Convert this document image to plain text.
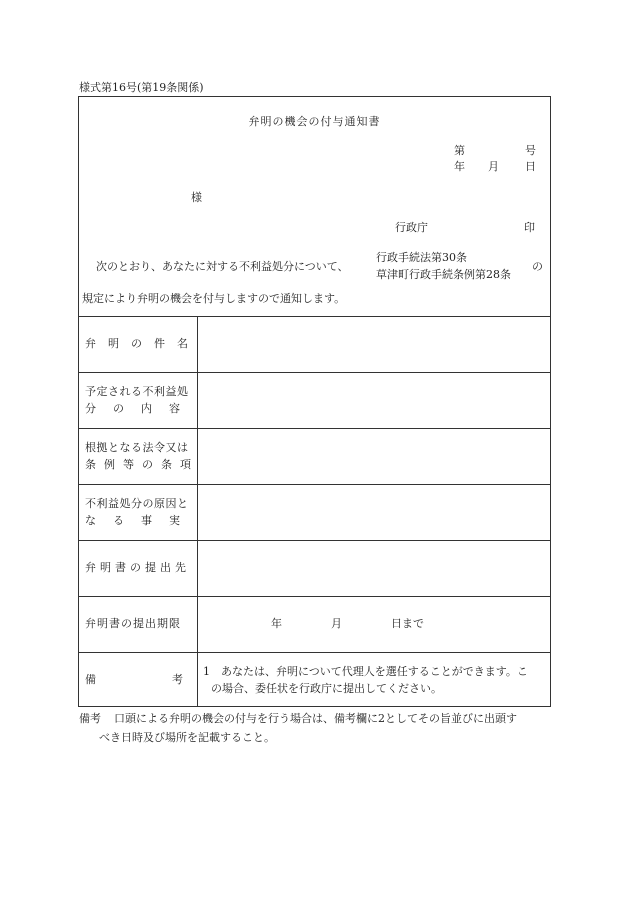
様式第16号(第19条関係)
弁明の機会の付与通知書
第	号
年 月 日
様
行政庁	印
次のとおり、あなたに対する不利益処分について、
行政手続法第30条
草津町行政手続条例第28条
の
規定により弁明の機会を付与しますので通知します。
弁明の件名
予定される不利益処
分の内容
根拠となる法令又は
条例等の条項
不利益処分の原因と
なる事実
弁明書の提出先
弁明書の提出期限	年	月	日まで
備考
1　あなたは、弁明について代理人を選任することができます。こ
の場合、委任状を行政庁に提出してください。
備考 口頭による弁明の機会の付与を行う場合は、備考欄に2としてその旨並びに出頭す
べき日時及び場所を記載すること。
